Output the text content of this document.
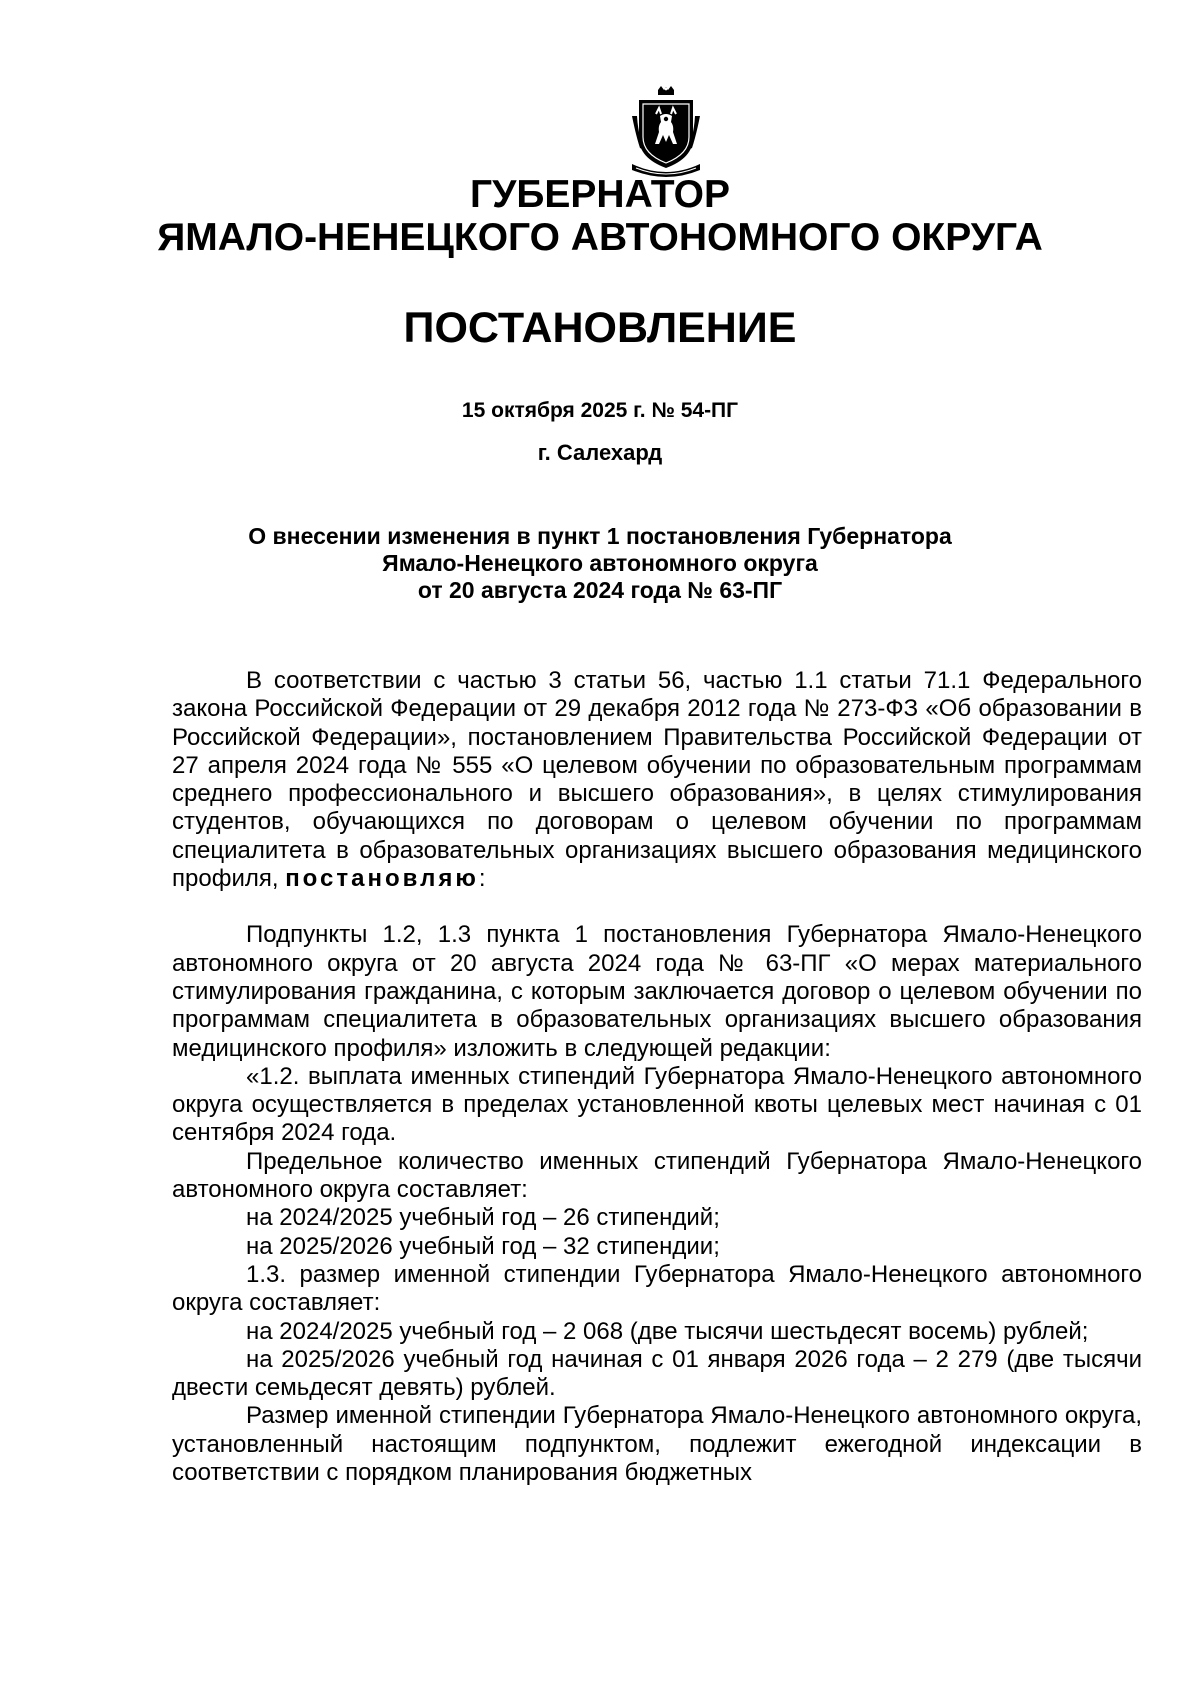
ГУБЕРНАТОР
ЯМАЛО-НЕНЕЦКОГО АВТОНОМНОГО ОКРУГА
ПОСТАНОВЛЕНИЕ
15 октября 2025 г. № 54-ПГ
г. Салехард
О внесении изменения в пункт 1 постановления Губернатора
Ямало-Ненецкого автономного округа
от 20 августа 2024 года № 63-ПГ

В соответствии с частью 3 статьи 56, частью 1.1 статьи 71.1 Федерального закона Российской Федерации от 29 декабря 2012 года № 273-ФЗ «Об образовании в Российской Федерации», постановлением Правительства Российской Федерации от 27 апреля 2024 года № 555 «О целевом обучении по образовательным программам среднего профессионального и высшего образования», в целях стимулирования студентов, обучающихся по договорам о целевом обучении по программам специалитета в образовательных организациях высшего образования медицинского профиля, постановляю:

Подпункты 1.2, 1.3 пункта 1 постановления Губернатора Ямало-Ненецкого автономного округа от 20 августа 2024 года № 63-ПГ «О мерах материального стимулирования гражданина, с которым заключается договор о целевом обучении по программам специалитета в образовательных организациях высшего образования медицинского профиля» изложить в следующей редакции:

«1.2. выплата именных стипендий Губернатора Ямало-Ненецкого автономного округа осуществляется в пределах установленной квоты целевых мест начиная с 01 сентября 2024 года.

Предельное количество именных стипендий Губернатора Ямало-Ненецкого автономного округа составляет:

на 2024/2025 учебный год – 26 стипендий;

на 2025/2026 учебный год – 32 стипендии;

1.3. размер именной стипендии Губернатора Ямало-Ненецкого автономного округа составляет:

на 2024/2025 учебный год – 2 068 (две тысячи шестьдесят восемь) рублей;

на 2025/2026 учебный год начиная с 01 января 2026 года – 2 279 (две тысячи двести семьдесят девять) рублей.

Размер именной стипендии Губернатора Ямало-Ненецкого автономного округа, установленный настоящим подпунктом, подлежит ежегодной индексации в соответствии с порядком планирования бюджетных
